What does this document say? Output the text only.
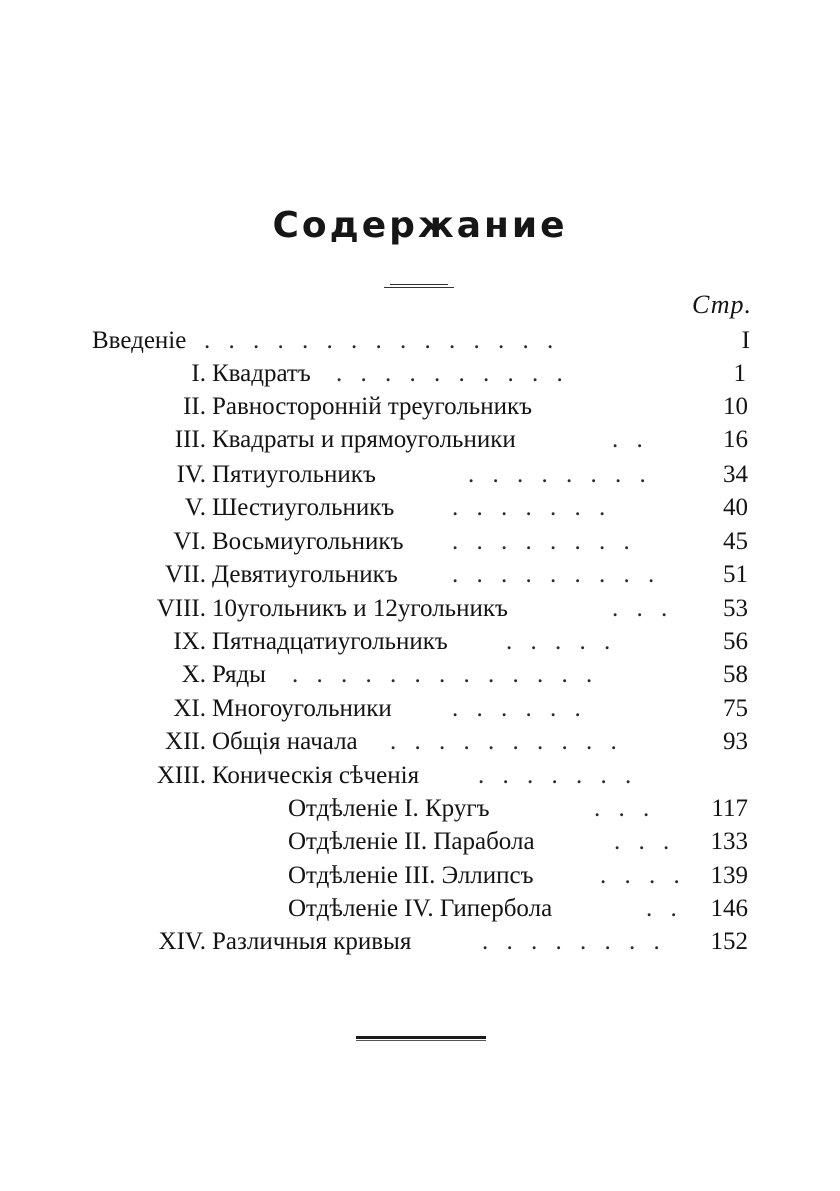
Содержание
Стр.
Введеніе . . . . . . . . . . . . . . .	I
I. Квадратъ . . . . . . . . . .	1
II. Равносторонній треугольникъ	10
III. Квадраты и прямоугольники	. .	16
IV. Пятиугольникъ	. . . . . . . .	34
V. Шестиугольникъ . . . . . . .	40
VI. Восьмиугольникъ . . . . . . . .	45
VII. Девятиугольникъ . . . . . . . . .	51
VIII. 10угольникъ и 12угольникъ	. . .	53
IX. Пятнадцатиугольникъ . . . . .	56
X. Ряды . . . . . . . . . . . . .	58
XI. Многоугольники . . . . . .	75
XII. Общія начала . . . . . . . . . .	93
XIII. Коническія сѣченія . . . . . . .
Отдѣленіе I. Кругъ	. . .	117
Отдѣленіе II. Парабола	. . .	133
Отдѣленіе III. Эллипсъ	. . . . 139
Отдѣленіе IV. Гипербола	. . 146
XIV. Различныя кривыя	. . . . . . . .	152
